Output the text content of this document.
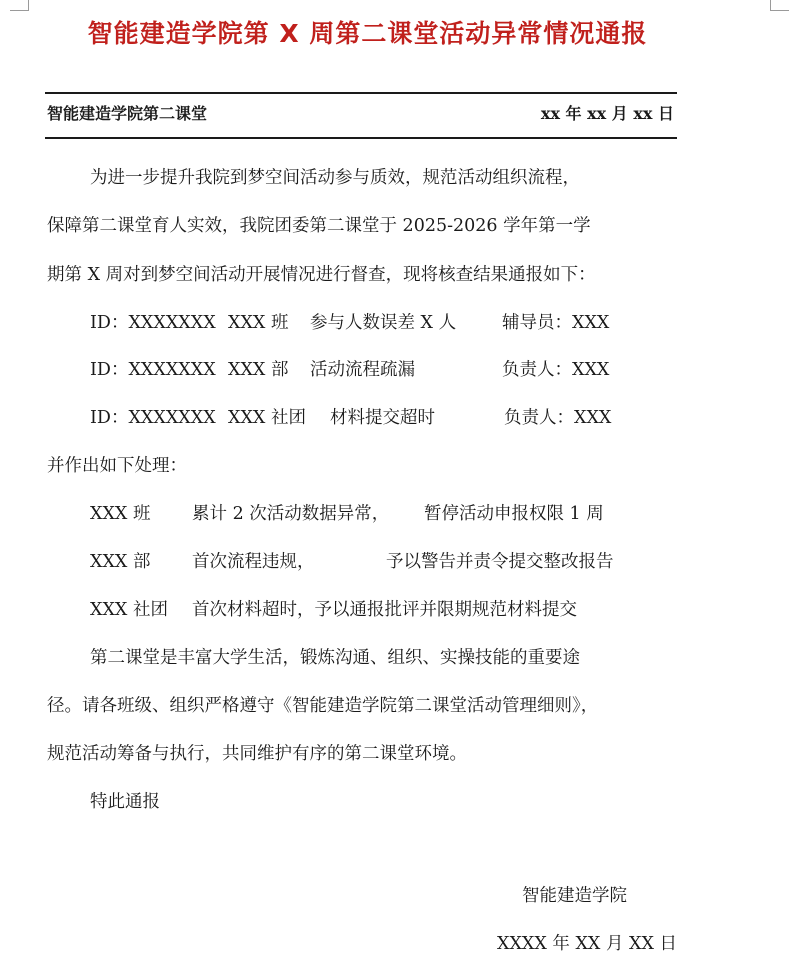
智能建造学院第 X 周第二课堂活动异常情况通报
智能建造学院第二课堂	xx 年 xx 月 xx 日
为进一步提升我院到梦空间活动参与质效，规范活动组织流程，
保障第二课堂育人实效，我院团委第二课堂于 2025-2026 学年第一学
期第 X 周对到梦空间活动开展情况进行督查，现将核查结果通报如下：
ID：XXXXXXX XXX 班 参与人数误差 X 人	辅导员：XXX
ID：XXXXXXX XXX 部 活动流程疏漏	负责人：XXX
ID：XXXXXXX XXX 社团 材料提交超时	负责人：XXX
并作出如下处理：
XXX 班 累计 2 次活动数据异常， 暂停活动申报权限 1 周
XXX 部 首次流程违规，	予以警告并责令提交整改报告
XXX 社团 首次材料超时，予以通报批评并限期规范材料提交
第二课堂是丰富大学生活，锻炼沟通、组织、实操技能的重要途
径。请各班级、组织严格遵守《智能建造学院第二课堂活动管理细则》，
规范活动筹备与执行，共同维护有序的第二课堂环境。
特此通报
智能建造学院
XXXX 年 XX 月 XX 日
